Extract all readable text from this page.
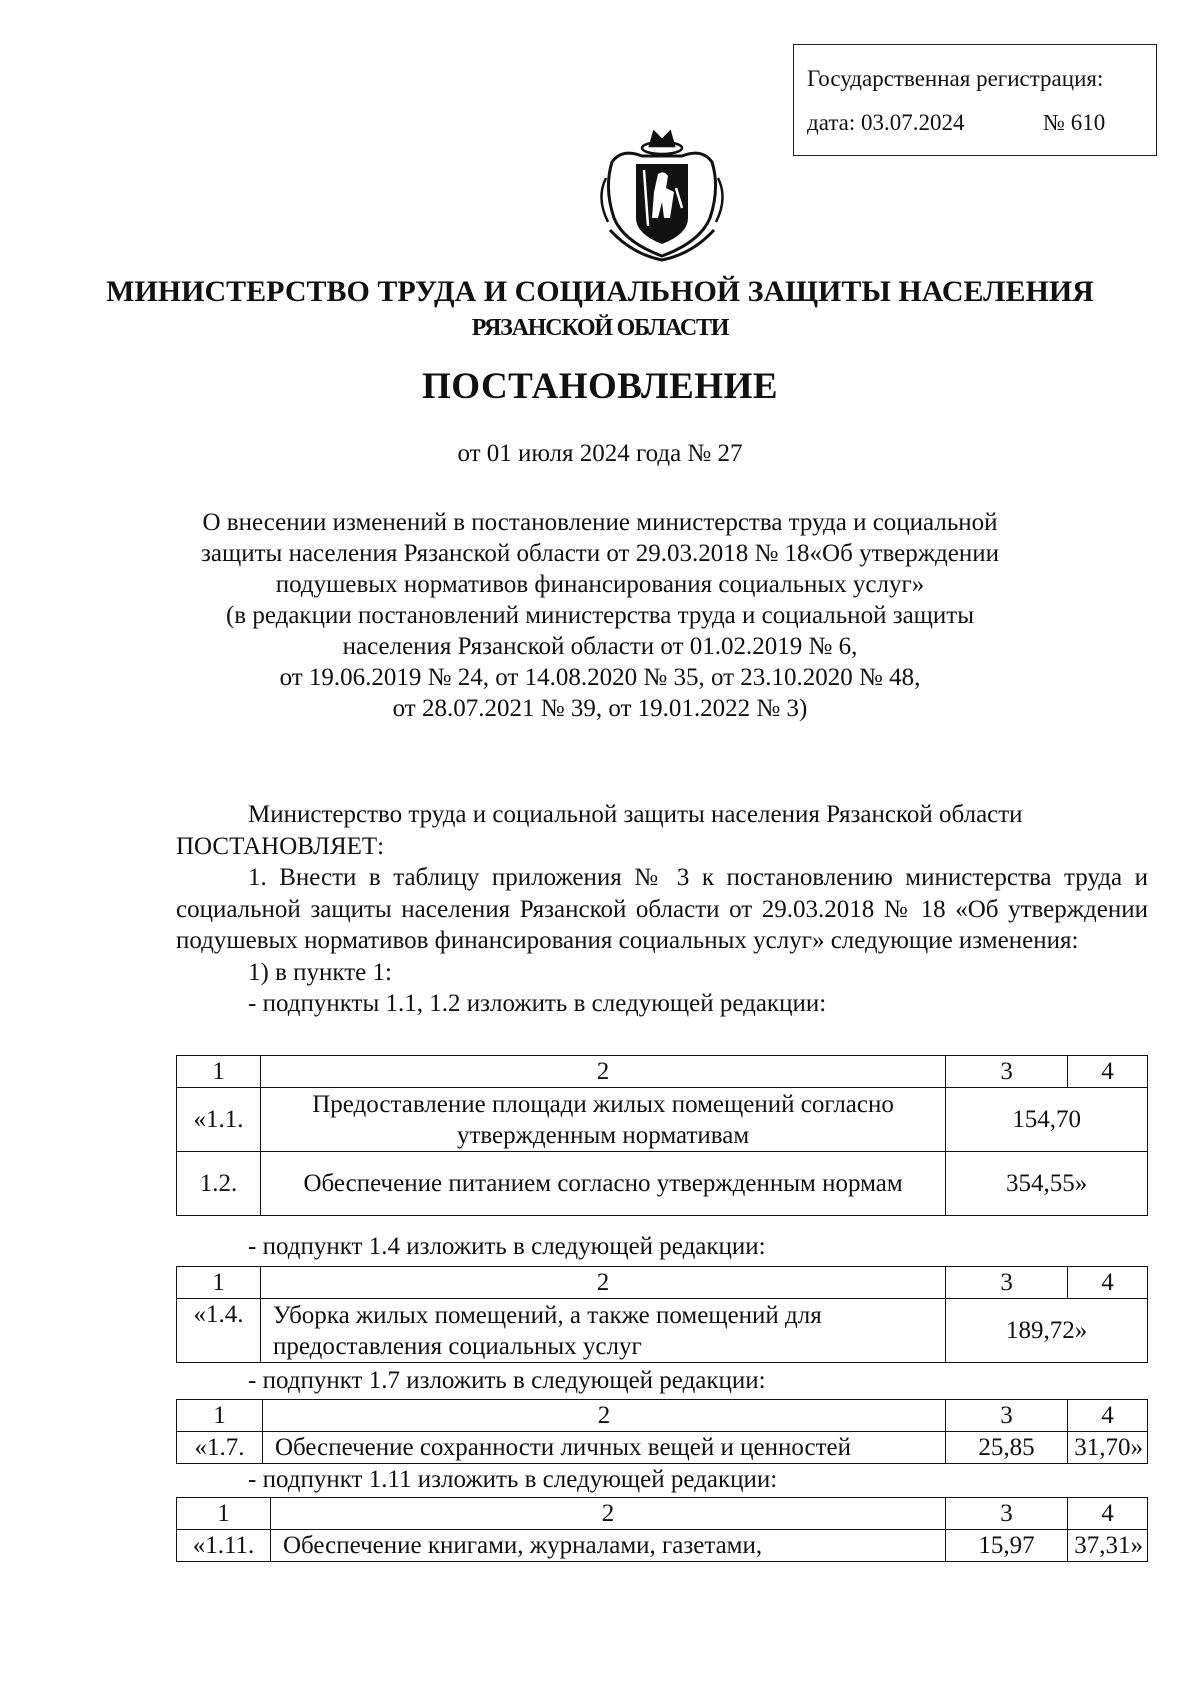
Государственная регистрация:
дата: 03.07.2024	№ 610
МИНИСТЕРСТВО ТРУДА И СОЦИАЛЬНОЙ ЗАЩИТЫ НАСЕЛЕНИЯ
РЯЗАНСКОЙ ОБЛАСТИ
ПОСТАНОВЛЕНИЕ
от 01 июля 2024 года № 27
О внесении изменений в постановление министерства труда и социальной
защиты населения Рязанской области от 29.03.2018 № 18«Об утверждении
подушевых нормативов финансирования социальных услуг»
(в редакции постановлений министерства труда и социальной защиты
населения Рязанской области от 01.02.2019 № 6,
от 19.06.2019 № 24, от 14.08.2020 № 35, от 23.10.2020 № 48,
от 28.07.2021 № 39, от 19.01.2022 № 3)
Министерство труда и социальной защиты населения Рязанской области
ПОСТАНОВЛЯЕТ:
1. Внести в таблицу приложения № 3 к постановлению министерства труда и социальной защиты населения Рязанской области от 29.03.2018 № 18 «Об утверждении подушевых нормативов финансирования социальных услуг» следующие изменения:
1) в пункте 1:
- подпункты 1.1, 1.2 изложить в следующей редакции:
1	2	3	4
«1.1.	Предоставление площади жилых помещений согласно утвержденным нормативам	154,70	
1.2.	Обеспечение питанием согласно утвержденным нормам	354,55»	
- подпункт 1.4 изложить в следующей редакции:
1	2	3	4
«1.4.	Уборка жилых помещений, а также помещений для предоставления социальных услуг	189,72»	
- подпункт 1.7 изложить в следующей редакции:
1	2	3	4
«1.7.	Обеспечение сохранности личных вещей и ценностей	25,85	31,70»
- подпункт 1.11 изложить в следующей редакции:
1	2	3	4
«1.11.	Обеспечение книгами, журналами, газетами,	15,97	37,31»
